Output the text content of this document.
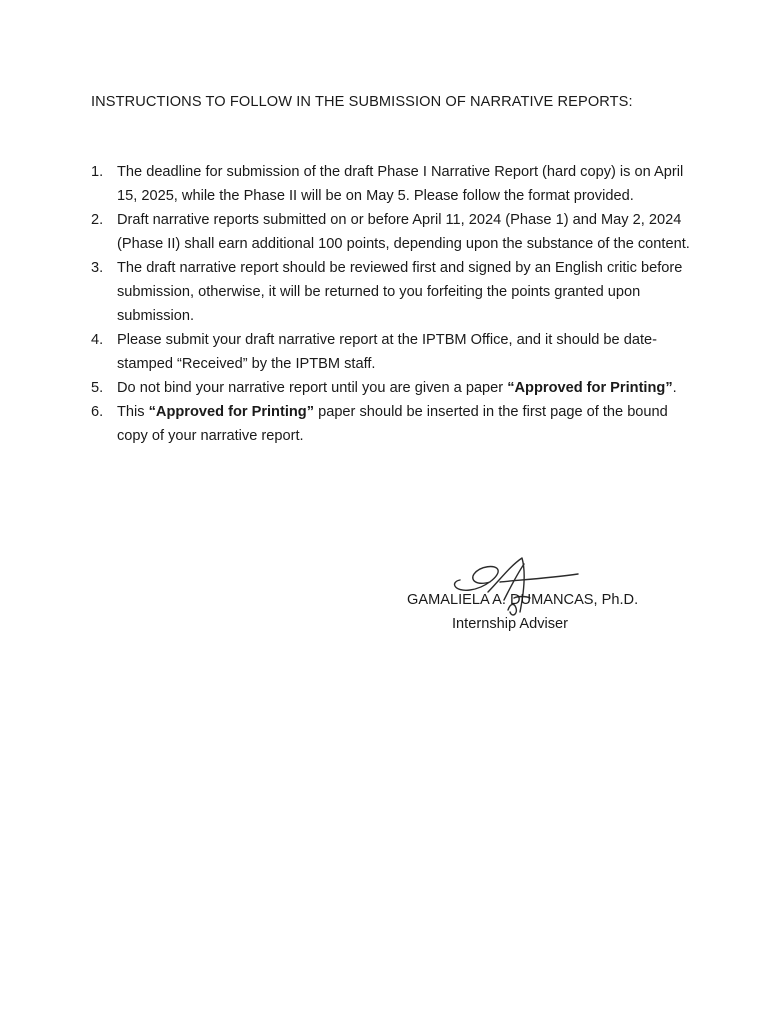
INSTRUCTIONS TO FOLLOW IN THE SUBMISSION OF NARRATIVE REPORTS:
1. The deadline for submission of the draft Phase I Narrative Report (hard copy) is on April 15, 2025, while the Phase II will be on May 5. Please follow the format provided.
2. Draft narrative reports submitted on or before April 11, 2024 (Phase 1) and May 2, 2024 (Phase II) shall earn additional 100 points, depending upon the substance of the content.
3. The draft narrative report should be reviewed first and signed by an English critic before submission, otherwise, it will be returned to you forfeiting the points granted upon submission.
4. Please submit your draft narrative report at the IPTBM Office, and it should be date-stamped “Received” by the IPTBM staff.
5. Do not bind your narrative report until you are given a paper “Approved for Printing”.
6. This “Approved for Printing” paper should be inserted in the first page of the bound copy of your narrative report.
GAMALIELA A. DUMANCAS, Ph.D.
Internship Adviser
